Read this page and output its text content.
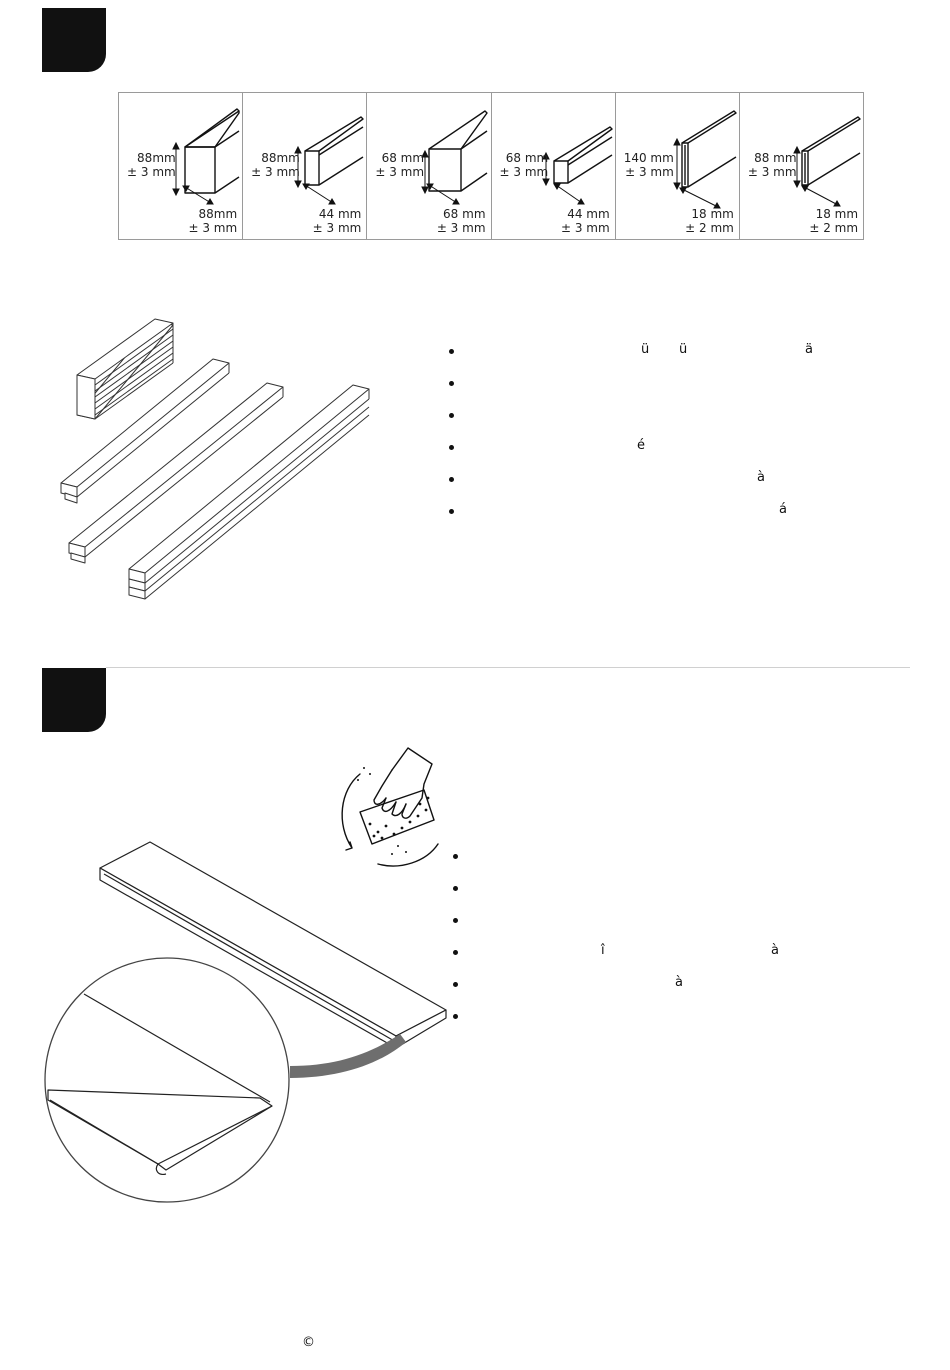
88mm
± 3 mm
88mm
± 3 mm
88mm
± 3 mm
44 mm
± 3 mm
68 mm
± 3 mm
68 mm
± 3 mm
68 mm
± 3 mm
44 mm
± 3 mm
140 mm
± 3 mm
18 mm
± 2 mm
88 mm
± 3 mm
18 mm
± 2 mm
ü ü	ä
é
à
á
î	à
à
©
